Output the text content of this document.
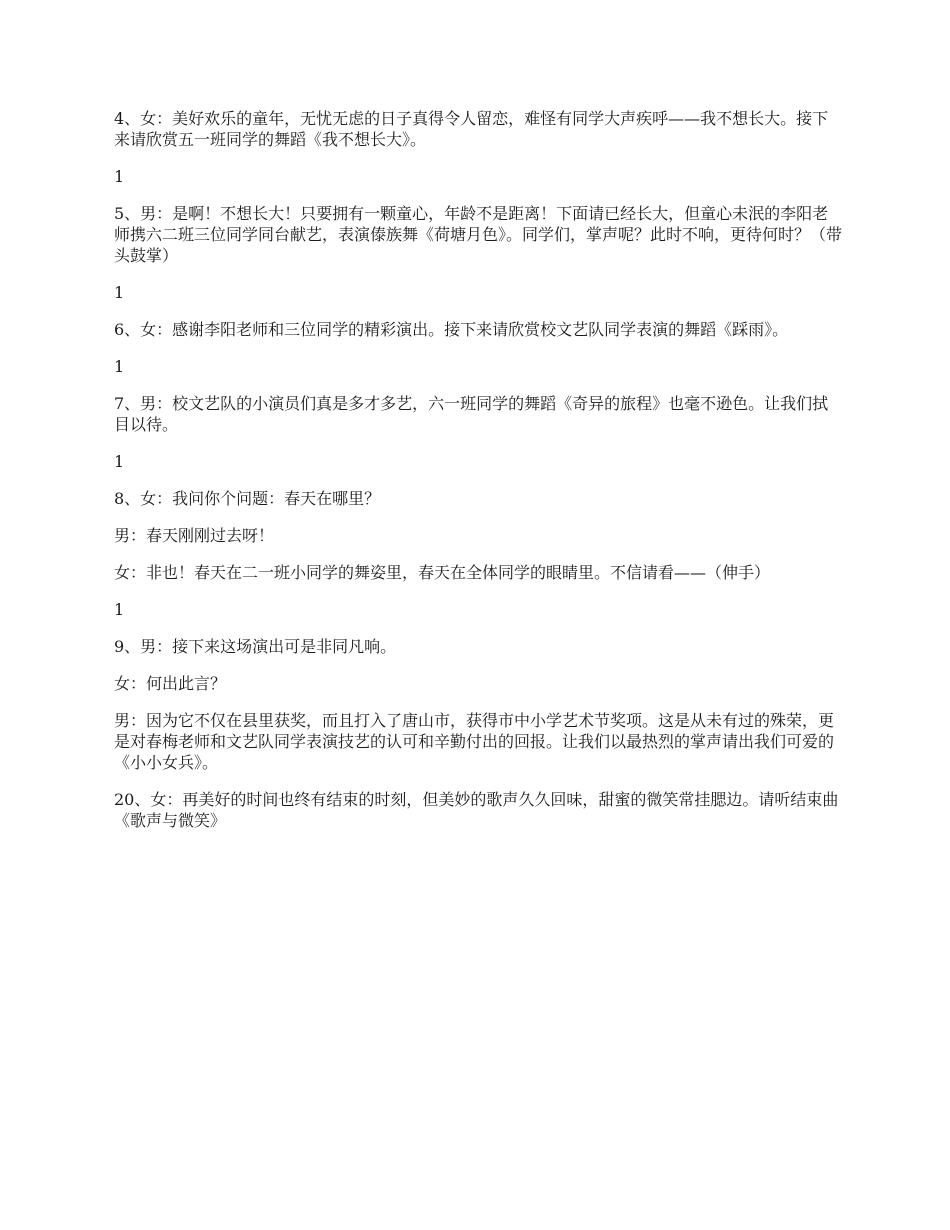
4、女：美好欢乐的童年，无忧无虑的日子真得令人留恋，难怪有同学大声疾呼——我不想长大。接下来请欣赏五一班同学的舞蹈《我不想长大》。

1

5、男：是啊！不想长大！只要拥有一颗童心，年龄不是距离！下面请已经长大，但童心未泯的李阳老师携六二班三位同学同台献艺，表演傣族舞《荷塘月色》。同学们，掌声呢？此时不响，更待何时？（带头鼓掌）

1

6、女：感谢李阳老师和三位同学的精彩演出。接下来请欣赏校文艺队同学表演的舞蹈《踩雨》。

1

7、男：校文艺队的小演员们真是多才多艺，六一班同学的舞蹈《奇异的旅程》也毫不逊色。让我们拭目以待。

1

8、女：我问你个问题：春天在哪里？

男：春天刚刚过去呀！

女：非也！春天在二一班小同学的舞姿里，春天在全体同学的眼睛里。不信请看——（伸手）

1

9、男：接下来这场演出可是非同凡响。

女：何出此言？

男：因为它不仅在县里获奖，而且打入了唐山市，获得市中小学艺术节奖项。这是从未有过的殊荣，更是对春梅老师和文艺队同学表演技艺的认可和辛勤付出的回报。让我们以最热烈的掌声请出我们可爱的《小小女兵》。

20、女：再美好的时间也终有结束的时刻，但美妙的歌声久久回味，甜蜜的微笑常挂腮边。请听结束曲《歌声与微笑》
